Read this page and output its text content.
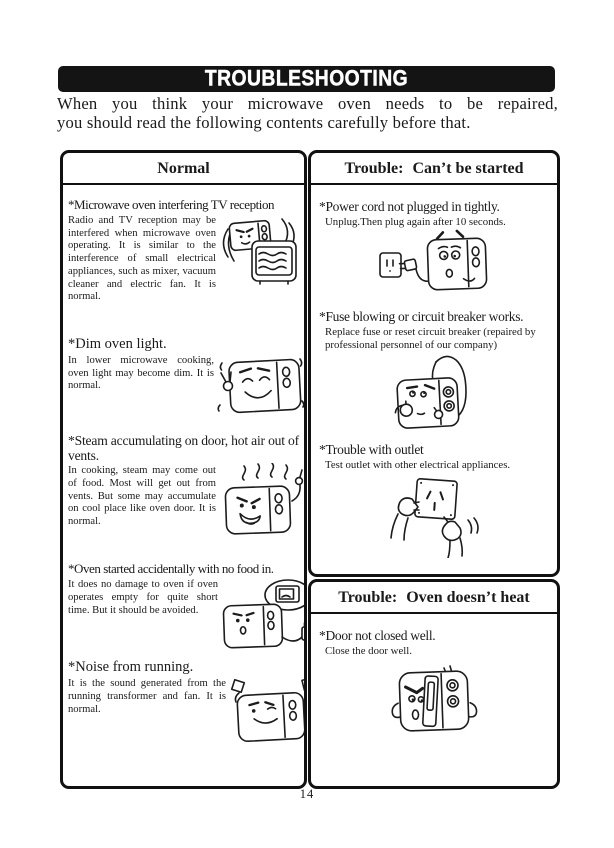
TROUBLESHOOTING

When you think your microwave oven needs to be repaired,
you should read the following contents carefully before that.

Normal
*Microwave oven interfering TV reception

Radio and TV reception may be interfered when microwave oven operating. It is similar to the interference of small electrical appliances, such as mixer, vacuum cleaner and electric fan. It is normal.

*Dim oven light.

In lower microwave cooking, oven light may become dim. It is normal.

*Steam accumulating on door, hot air out of vents.

In cooking, steam may come out of food. Most will get out from vents. But some may accumulate on cool place like oven door. It is normal.

*Oven started accidentally with no food in.

It does no damage to oven if oven operates empty for quite short time. But it should be avoided.

*Noise from running.

It is the sound generated from the running transformer and fan. It is normal.

Trouble: Can’t be started
*Power cord not plugged in tightly.

Unplug.Then plug again after 10 seconds.

*Fuse blowing or circuit breaker works.

Replace fuse or reset circuit breaker (repaired by professional personnel of our company)

*Trouble with outlet

Test outlet with other electrical appliances.

Trouble: Oven doesn’t heat
*Door not closed well.

Close the door well.

14
